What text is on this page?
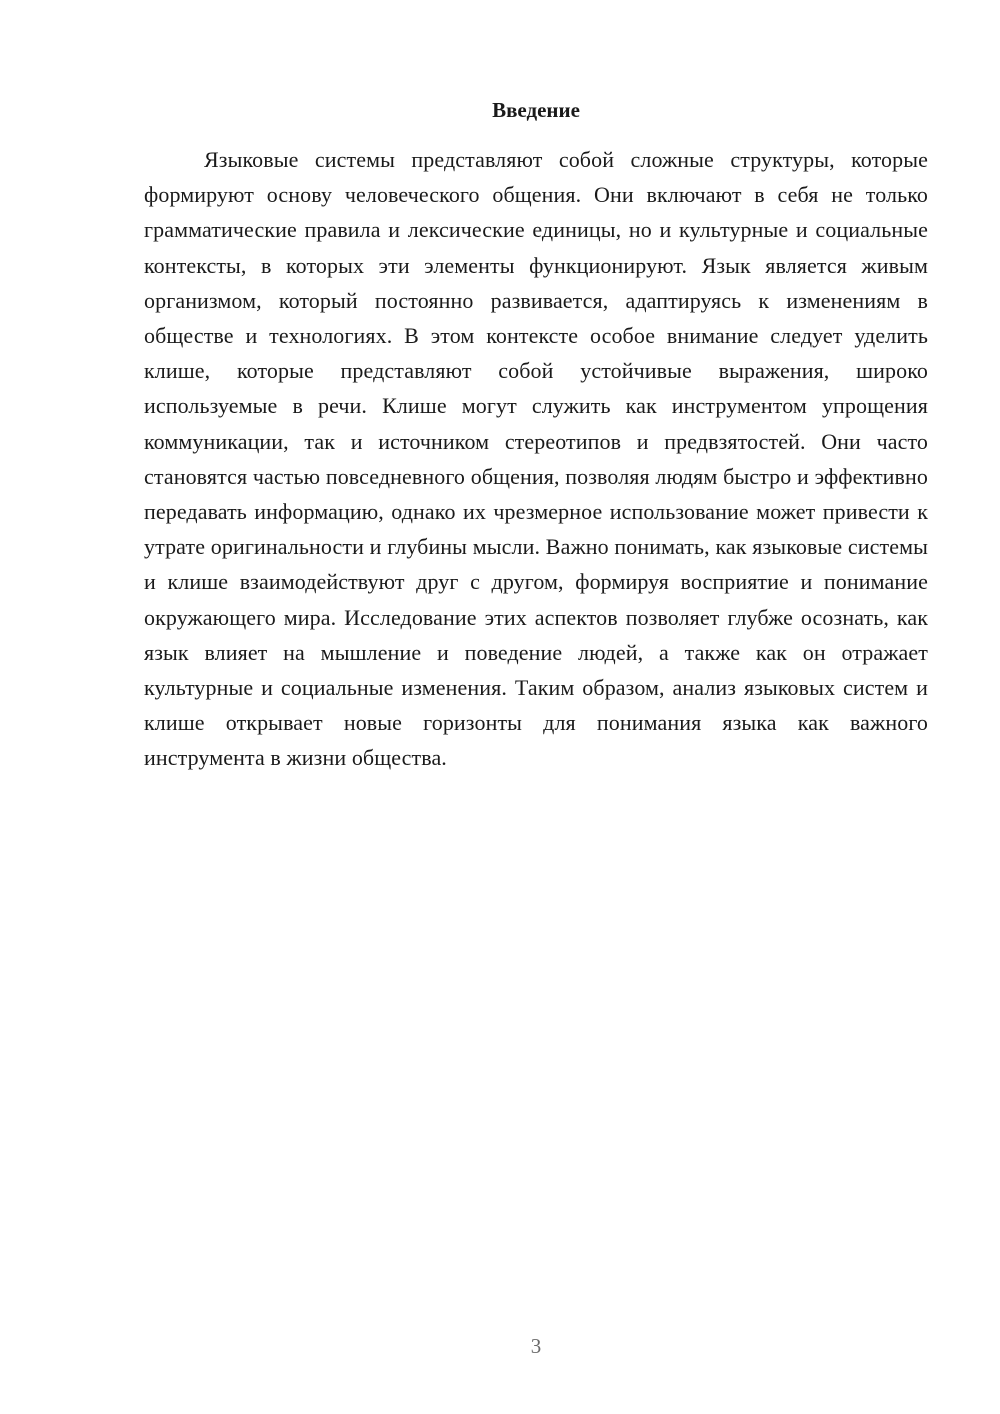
Введение

Языковые системы представляют собой сложные структуры, которые формируют основу человеческого общения. Они включают в себя не только грамматические правила и лексические единицы, но и культурные и социальные контексты, в которых эти элементы функционируют. Язык является живым организмом, который постоянно развивается, адаптируясь к изменениям в обществе и технологиях. В этом контексте особое внимание следует уделить клише, которые представляют собой устойчивые выражения, широко используемые в речи. Клише могут служить как инструментом упрощения коммуникации, так и источником стереотипов и предвзятостей. Они часто становятся частью повседневного общения, позволяя людям быстро и эффективно передавать информацию, однако их чрезмерное использование может привести к утрате оригинальности и глубины мысли. Важно понимать, как языковые системы и клише взаимодействуют друг с другом, формируя восприятие и понимание окружающего мира. Исследование этих аспектов позволяет глубже осознать, как язык влияет на мышление и поведение людей, а также как он отражает культурные и социальные изменения. Таким образом, анализ языковых систем и клише открывает новые горизонты для понимания языка как важного инструмента в жизни общества.

3
